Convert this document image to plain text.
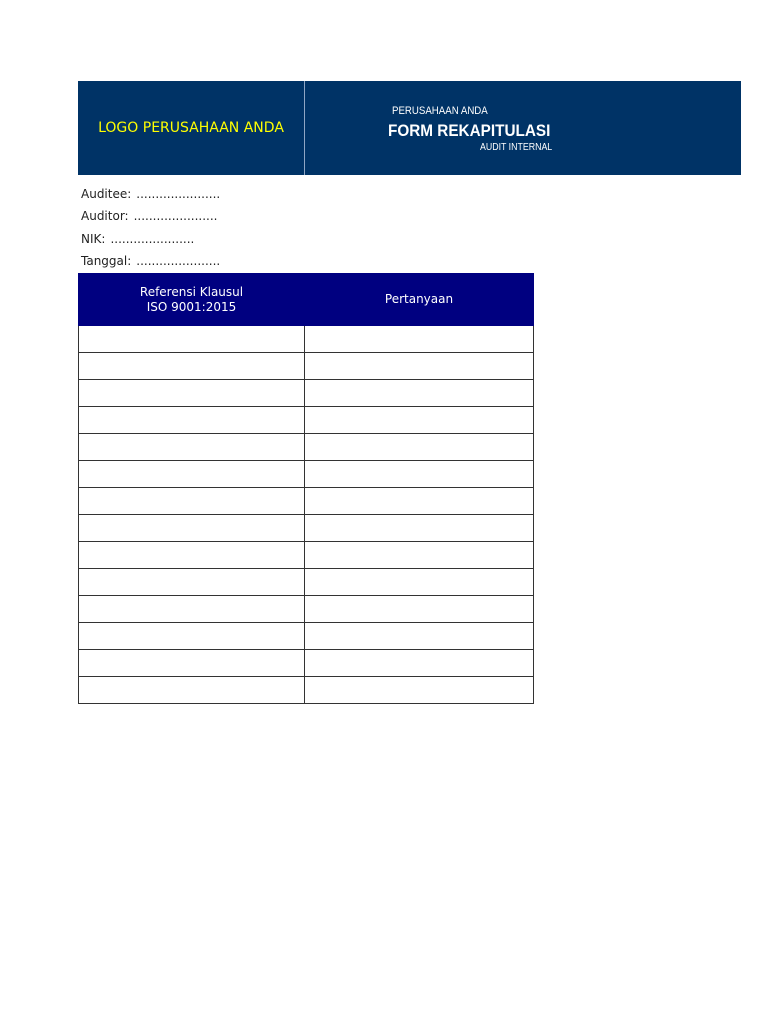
LOGO PERUSAHAAN ANDA
PERUSAHAAN ANDA
FORM REKAPITULASI
AUDIT INTERNAL
Auditee: ......................
Auditor: ......................
NIK: ......................
Tanggal: ......................
Referensi Klausul
ISO 9001:2015	Pertanyaan
